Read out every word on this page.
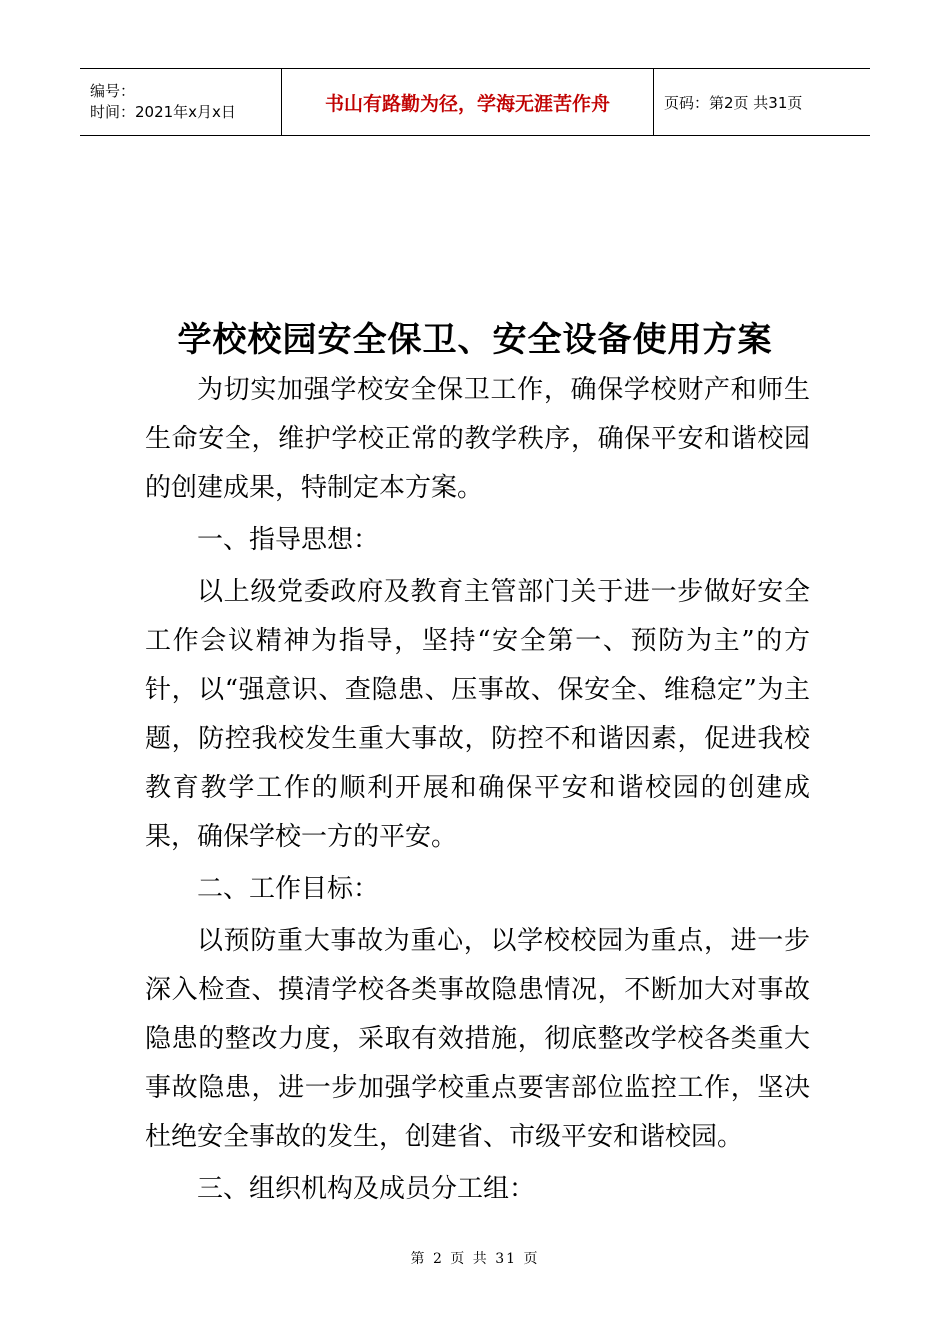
编号：
时间：2021年x月x日	书山有路勤为径，学海无涯苦作舟	页码：第2页 共31页
学校校园安全保卫、安全设备使用方案

为切实加强学校安全保卫工作，确保学校财产和师生生命安全，维护学校正常的教学秩序，确保平安和谐校园的创建成果，特制定本方案。

一、指导思想：

以上级党委政府及教育主管部门关于进一步做好安全工作会议精神为指导，坚持“安全第一、预防为主”的方针，以“强意识、查隐患、压事故、保安全、维稳定”为主题，防控我校发生重大事故，防控不和谐因素，促进我校教育教学工作的顺利开展和确保平安和谐校园的创建成果，确保学校一方的平安。

二、工作目标：

以预防重大事故为重心，以学校校园为重点，进一步深入检查、摸清学校各类事故隐患情况，不断加大对事故隐患的整改力度，采取有效措施，彻底整改学校各类重大事故隐患，进一步加强学校重点要害部位监控工作，坚决杜绝安全事故的发生，创建省、市级平安和谐校园。

三、组织机构及成员分工组：

第 2 页 共 31 页
